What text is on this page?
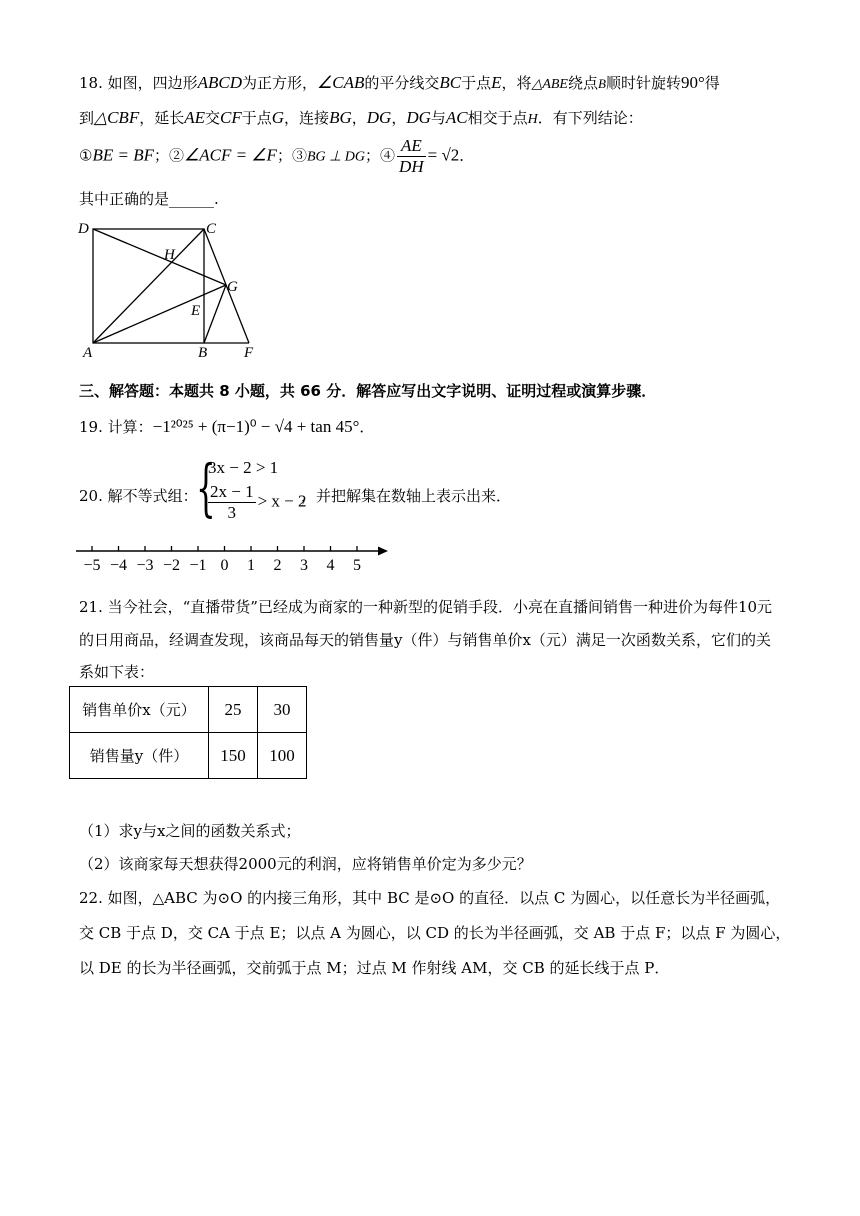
18. 如图，四边形ABCD为正方形，∠CAB的平分线交BC于点E，将△ABE绕点B顺时针旋转90°得
到△CBF，延长AE交CF于点G，连接BG，DG，DG与AC相交于点H．有下列结论：
①BE = BF；②∠ACF = ∠F；③BG ⊥ DG；④ $\frac{AE}{DH} = √2$．
其中正确的是______.
D	C
H
G
E
A	B F
三、解答题：本题共 8 小题，共 66 分．解答应写出文字说明、证明过程或演算步骤．
19. 计算：−1²⁰²⁵ + (π−1)⁰ − √4 + tan 45°．
20. 解不等式组：
{
3x − 2 > 1
$\frac{2x - 1}{3} > x - 2$
，并把解集在数轴上表示出来．
−5 −4 −3 −2 −1 0 1 2 3 4 5
21. 当今社会，“直播带货”已经成为商家的一种新型的促销手段．小亮在直播间销售一种进价为每件10元
的日用商品，经调查发现，该商品每天的销售量y（件）与销售单价x（元）满足一次函数关系，它们的关
系如下表：
销售单价x（元）	25	30
销售量y（件）	150	100
（1）求y与x之间的函数关系式；
（2）该商家每天想获得2000元的利润，应将销售单价定为多少元？
22. 如图，△ABC 为⊙O 的内接三角形，其中 BC 是⊙O 的直径．以点 C 为圆心，以任意长为半径画弧，
交 CB 于点 D，交 CA 于点 E；以点 A 为圆心，以 CD 的长为半径画弧，交 AB 于点 F；以点 F 为圆心，
以 DE 的长为半径画弧，交前弧于点 M；过点 M 作射线 AM，交 CB 的延长线于点 P．
